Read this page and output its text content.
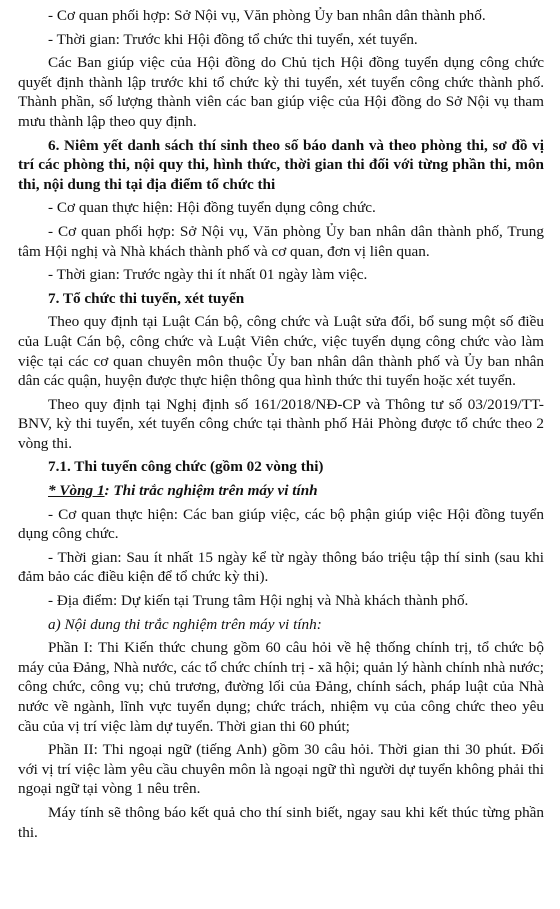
- Cơ quan phối hợp: Sở Nội vụ, Văn phòng Ủy ban nhân dân thành phố.

- Thời gian: Trước khi Hội đồng tổ chức thi tuyển, xét tuyển.

Các Ban giúp việc của Hội đồng do Chủ tịch Hội đồng tuyển dụng công chức quyết định thành lập trước khi tổ chức kỳ thi tuyển, xét tuyển công chức thành phố. Thành phần, số lượng thành viên các ban giúp việc của Hội đồng do Sở Nội vụ tham mưu thành lập theo quy định.

6. Niêm yết danh sách thí sinh theo số báo danh và theo phòng thi, sơ đồ vị trí các phòng thi, nội quy thi, hình thức, thời gian thi đối với từng phần thi, môn thi, nội dung thi tại địa điểm tổ chức thi

- Cơ quan thực hiện: Hội đồng tuyển dụng công chức.

- Cơ quan phối hợp: Sở Nội vụ, Văn phòng Ủy ban nhân dân thành phố, Trung tâm Hội nghị và Nhà khách thành phố và cơ quan, đơn vị liên quan.

- Thời gian: Trước ngày thi ít nhất 01 ngày làm việc.

7. Tổ chức thi tuyển, xét tuyển

Theo quy định tại Luật Cán bộ, công chức và Luật sửa đổi, bổ sung một số điều của Luật Cán bộ, công chức và Luật Viên chức, việc tuyển dụng công chức vào làm việc tại các cơ quan chuyên môn thuộc Ủy ban nhân dân thành phố và Ủy ban nhân dân các quận, huyện được thực hiện thông qua hình thức thi tuyển hoặc xét tuyển.

Theo quy định tại Nghị định số 161/2018/NĐ-CP và Thông tư số 03/2019/TT-BNV, kỳ thi tuyển, xét tuyển công chức tại thành phố Hải Phòng được tổ chức theo 2 vòng thi.

7.1. Thi tuyển công chức (gồm 02 vòng thi)

* Vòng 1: Thi trắc nghiệm trên máy vi tính

- Cơ quan thực hiện: Các ban giúp việc, các bộ phận giúp việc Hội đồng tuyển dụng công chức.

- Thời gian: Sau ít nhất 15 ngày kể từ ngày thông báo triệu tập thí sinh (sau khi đảm bảo các điều kiện để tổ chức kỳ thi).

- Địa điểm: Dự kiến tại Trung tâm Hội nghị và Nhà khách thành phố.

a) Nội dung thi trắc nghiệm trên máy vi tính:

Phần I: Thi Kiến thức chung gồm 60 câu hỏi về hệ thống chính trị, tổ chức bộ máy của Đảng, Nhà nước, các tổ chức chính trị - xã hội; quản lý hành chính nhà nước; công chức, công vụ; chủ trương, đường lối của Đảng, chính sách, pháp luật của Nhà nước về ngành, lĩnh vực tuyển dụng; chức trách, nhiệm vụ của công chức theo yêu cầu của vị trí việc làm dự tuyển. Thời gian thi 60 phút;

Phần II: Thi ngoại ngữ (tiếng Anh) gồm 30 câu hỏi. Thời gian thi 30 phút. Đối với vị trí việc làm yêu cầu chuyên môn là ngoại ngữ thì người dự tuyển không phải thi ngoại ngữ tại vòng 1 nêu trên.

Máy tính sẽ thông báo kết quả cho thí sinh biết, ngay sau khi kết thúc từng phần thi.
